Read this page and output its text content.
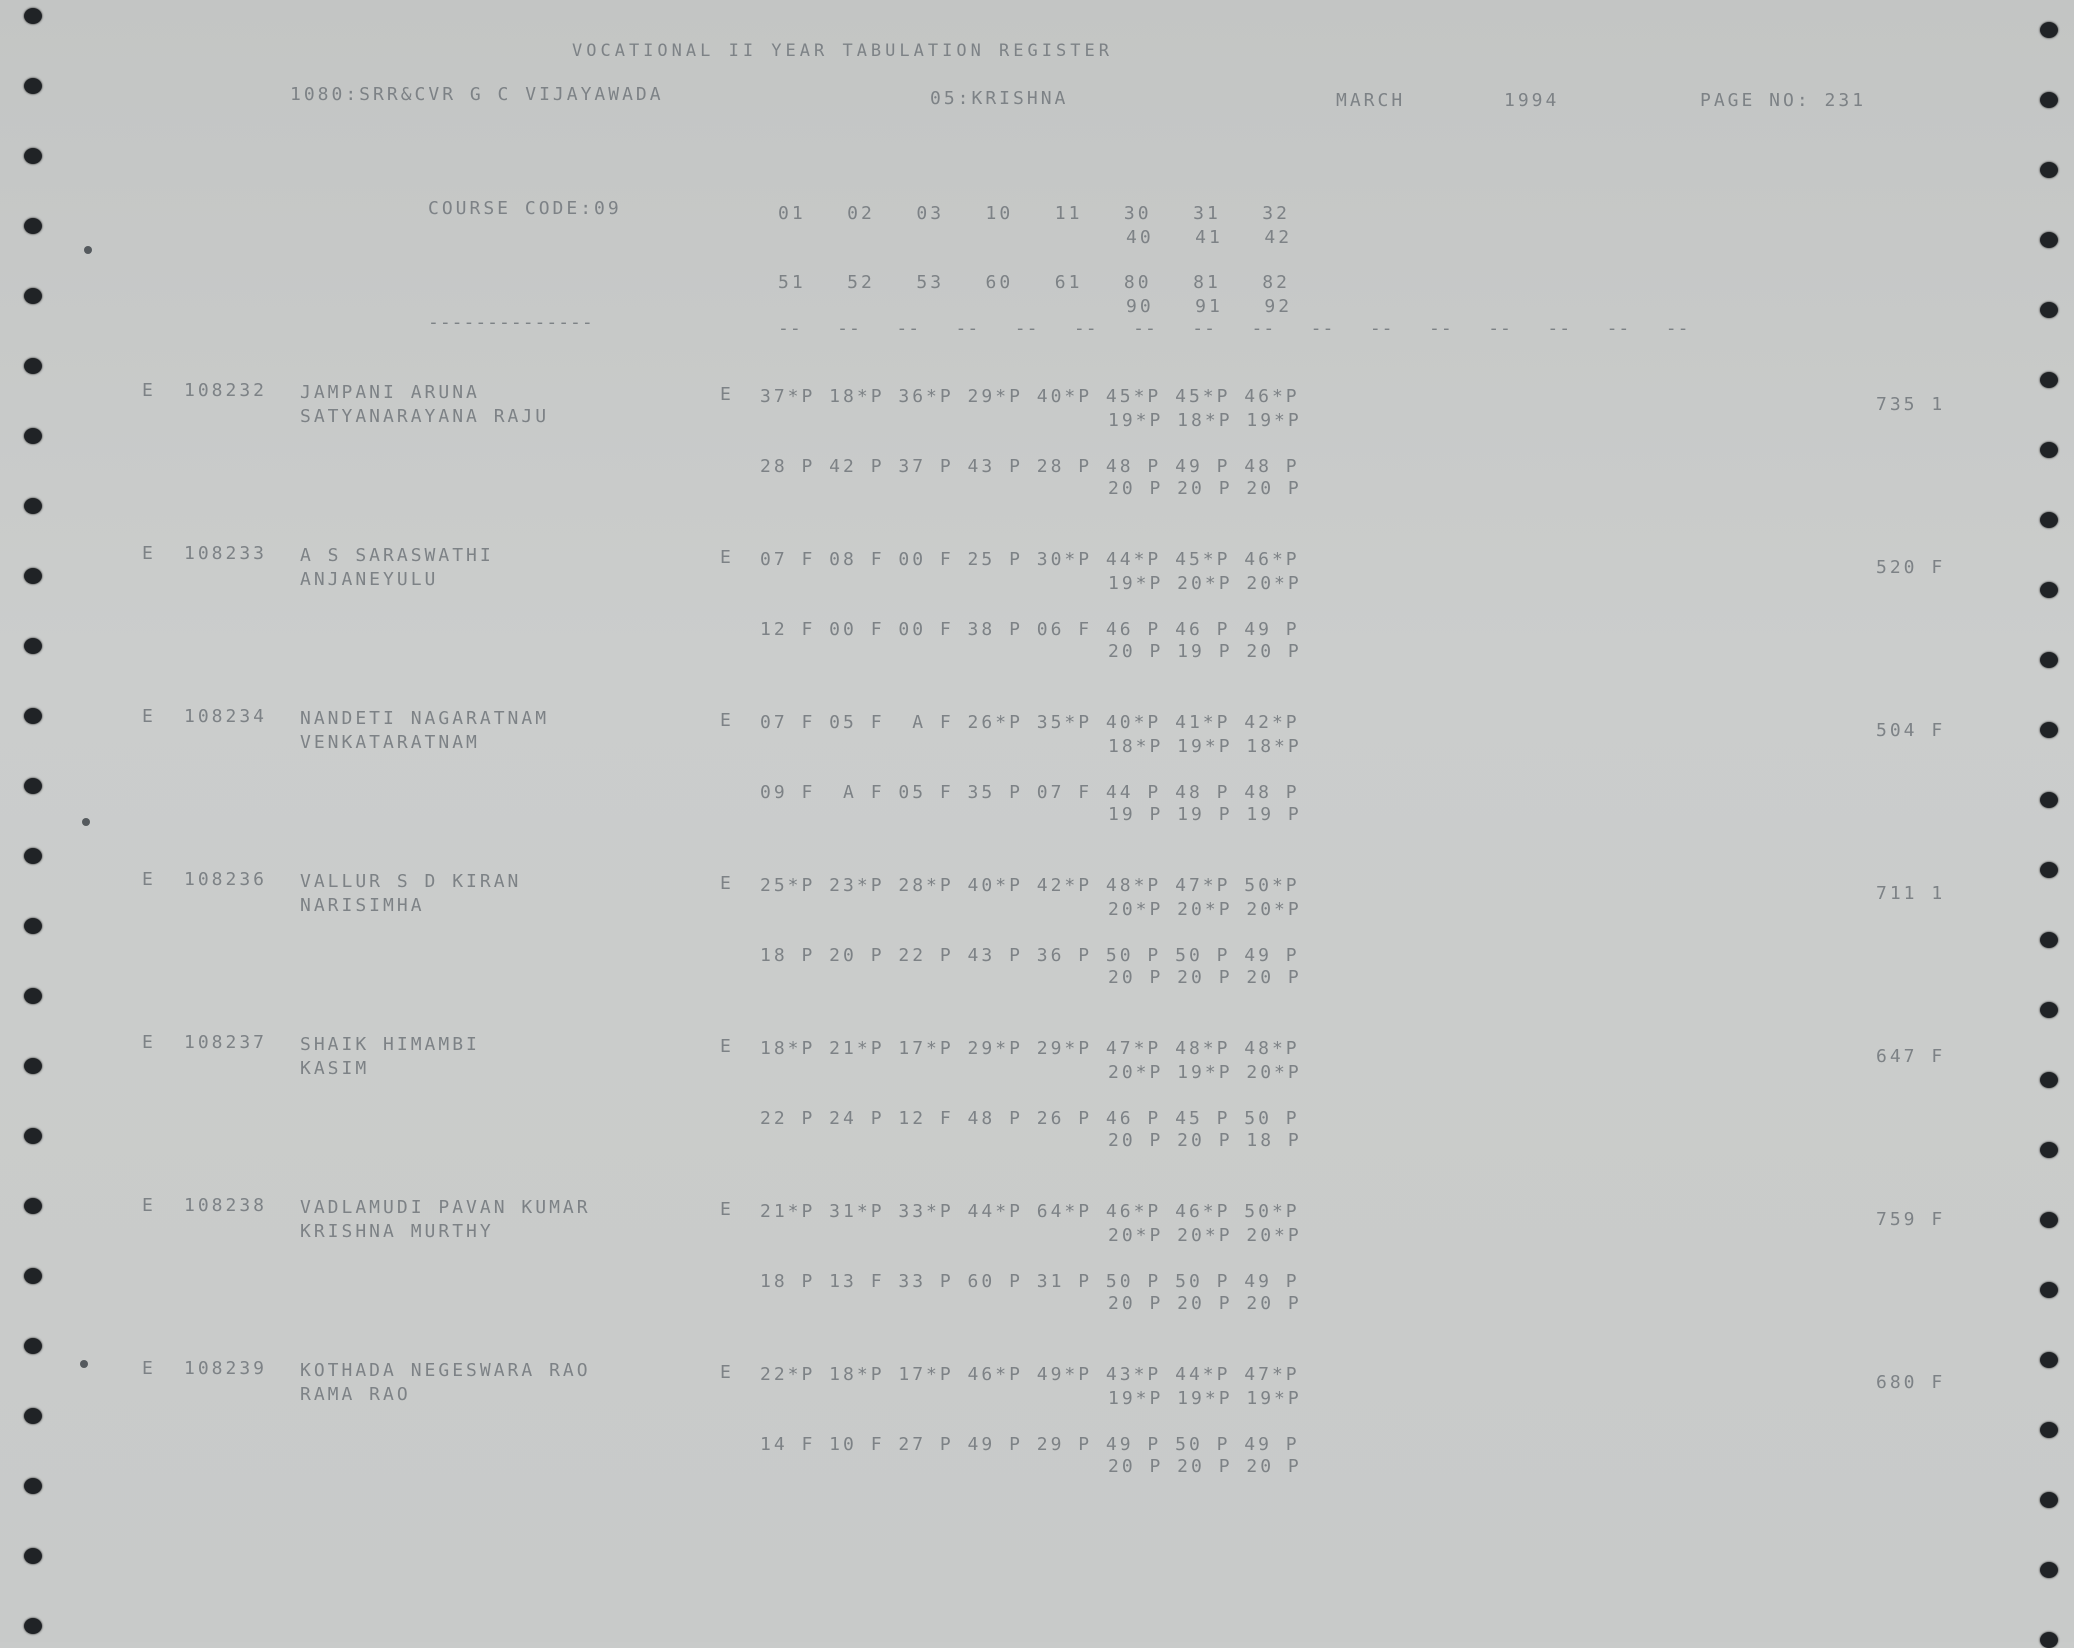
VOCATIONAL II YEAR TABULATION REGISTER
1080:SRR&CVR G C VIJAYAWADA	05:KRISHNA	MARCH	1994	PAGE NO: 231
COURSE CODE:09	01   02   03   10   11   30   31   32
40   41   42
51   52   53   60   61   80   81   82
90   91   92
--------------	--   --   --   --   --   --   --   --   --   --   --   --   --   --   --   --
E 108232 JAMPANI ARUNA
SATYANARAYANA RAJU
E 37*P 18*P 36*P 29*P 40*P 45*P 45*P 46*P
19*P 18*P 19*P
28 P 42 P 37 P 43 P 28 P 48 P 49 P 48 P
20 P 20 P 20 P
735 1
E 108233 A S SARASWATHI
ANJANEYULU
E 07 F 08 F 00 F 25 P 30*P 44*P 45*P 46*P
19*P 20*P 20*P
12 F 00 F 00 F 38 P 06 F 46 P 46 P 49 P
20 P 19 P 20 P
520 F
E 108234 NANDETI NAGARATNAM
VENKATARATNAM
E 07 F 05 F  A F 26*P 35*P 40*P 41*P 42*P
18*P 19*P 18*P
09 F  A F 05 F 35 P 07 F 44 P 48 P 48 P
19 P 19 P 19 P
504 F
E 108236 VALLUR S D KIRAN
NARISIMHA
E 25*P 23*P 28*P 40*P 42*P 48*P 47*P 50*P
20*P 20*P 20*P
18 P 20 P 22 P 43 P 36 P 50 P 50 P 49 P
20 P 20 P 20 P
711 1
E 108237 SHAIK HIMAMBI
KASIM
E 18*P 21*P 17*P 29*P 29*P 47*P 48*P 48*P
20*P 19*P 20*P
22 P 24 P 12 F 48 P 26 P 46 P 45 P 50 P
20 P 20 P 18 P
647 F
E 108238 VADLAMUDI PAVAN KUMAR
KRISHNA MURTHY
E 21*P 31*P 33*P 44*P 64*P 46*P 46*P 50*P
20*P 20*P 20*P
18 P 13 F 33 P 60 P 31 P 50 P 50 P 49 P
20 P 20 P 20 P
759 F
E 108239 KOTHADA NEGESWARA RAO
RAMA RAO
E 22*P 18*P 17*P 46*P 49*P 43*P 44*P 47*P
19*P 19*P 19*P
14 F 10 F 27 P 49 P 29 P 49 P 50 P 49 P
20 P 20 P 20 P
680 F
